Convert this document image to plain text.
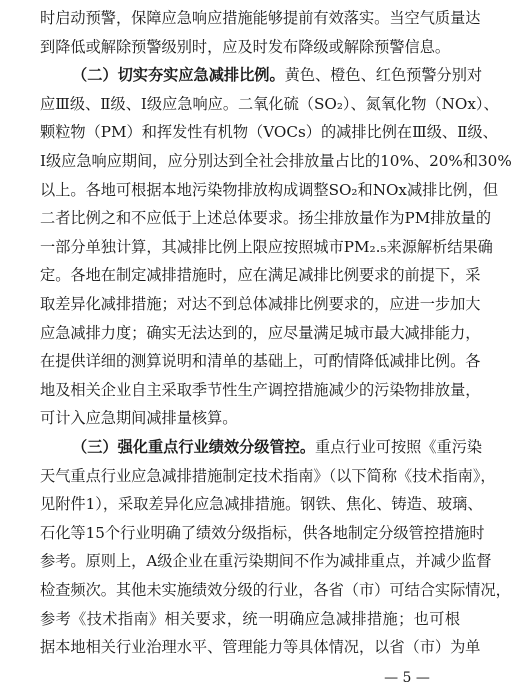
时启动预警，保障应急响应措施能够提前有效落实。当空气质量达
到降低或解除预警级别时，应及时发布降级或解除预警信息。
（二）切实夯实应急减排比例。黄色、橙色、红色预警分别对
应Ⅲ级、Ⅱ级、Ⅰ级应急响应。二氧化硫（SO₂）、氮氧化物（NOx）、
颗粒物（PM）和挥发性有机物（VOCs）的减排比例在Ⅲ级、Ⅱ级、
Ⅰ级应急响应期间，应分别达到全社会排放量占比的10%、20%和30%
以上。各地可根据本地污染物排放构成调整SO₂和NOx减排比例，但
二者比例之和不应低于上述总体要求。扬尘排放量作为PM排放量的
一部分单独计算，其减排比例上限应按照城市PM₂.₅来源解析结果确
定。各地在制定减排措施时，应在满足减排比例要求的前提下，采
取差异化减排措施；对达不到总体减排比例要求的，应进一步加大
应急减排力度；确实无法达到的，应尽量满足城市最大减排能力，
在提供详细的测算说明和清单的基础上，可酌情降低减排比例。各
地及相关企业自主采取季节性生产调控措施减少的污染物排放量，
可计入应急期间减排量核算。
（三）强化重点行业绩效分级管控。重点行业可按照《重污染
天气重点行业应急减排措施制定技术指南》（以下简称《技术指南》，
见附件1），采取差异化应急减排措施。钢铁、焦化、铸造、玻璃、
石化等15个行业明确了绩效分级指标，供各地制定分级管控措施时
参考。原则上，A级企业在重污染期间不作为减排重点，并减少监督
检查频次。其他未实施绩效分级的行业，各省（市）可结合实际情况，
参考《技术指南》相关要求，统一明确应急减排措施；也可根
据本地相关行业治理水平、管理能力等具体情况，以省（市）为单
— 5 —
